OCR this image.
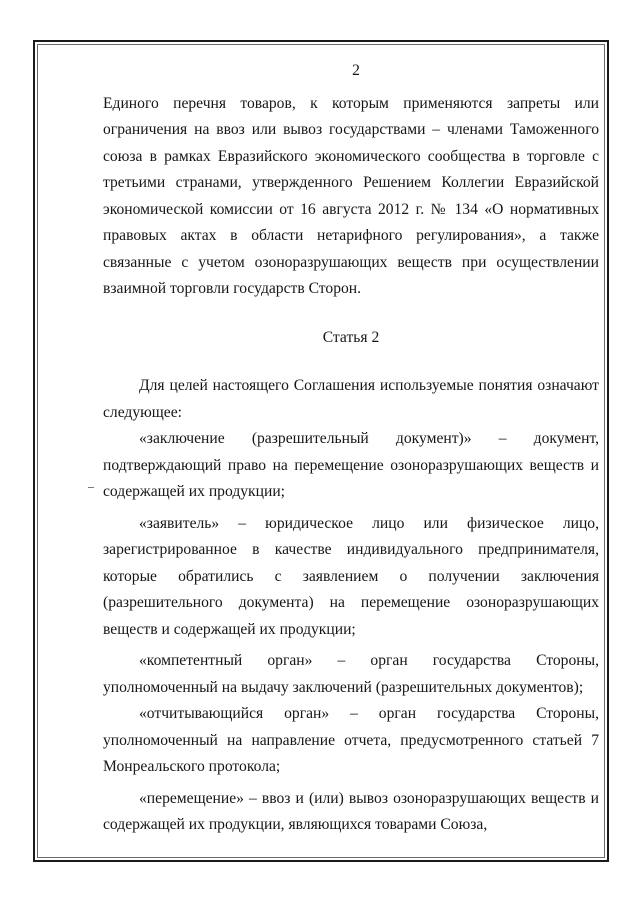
2

Единого перечня товаров, к которым применяются запреты или ограничения на ввоз или вывоз государствами – членами Таможенного союза в рамках Евразийского экономического сообщества в торговле с третьими странами, утвержденного Решением Коллегии Евразийской экономической комиссии от 16 августа 2012 г. № 134 «О нормативных правовых актах в области нетарифного регулирования», а также связанные с учетом озоноразрушающих веществ при осуществлении взаимной торговли государств Сторон.

Статья 2

Для целей настоящего Соглашения используемые понятия означают следующее:

«заключение (разрешительный документ)» – документ, подтверждающий право на перемещение озоноразрушающих веществ и содержащей их продукции;

«заявитель» – юридическое лицо или физическое лицо, зарегистрированное в качестве индивидуального предпринимателя, которые обратились с заявлением о получении заключения (разрешительного документа) на перемещение озоноразрушающих веществ и содержащей их продукции;

«компетентный орган» – орган государства Стороны, уполномоченный на выдачу заключений (разрешительных документов);

«отчитывающийся орган» – орган государства Стороны, уполномоченный на направление отчета, предусмотренного статьей 7 Монреальского протокола;

«перемещение» – ввоз и (или) вывоз озоноразрушающих веществ и содержащей их продукции, являющихся товарами Союза,
